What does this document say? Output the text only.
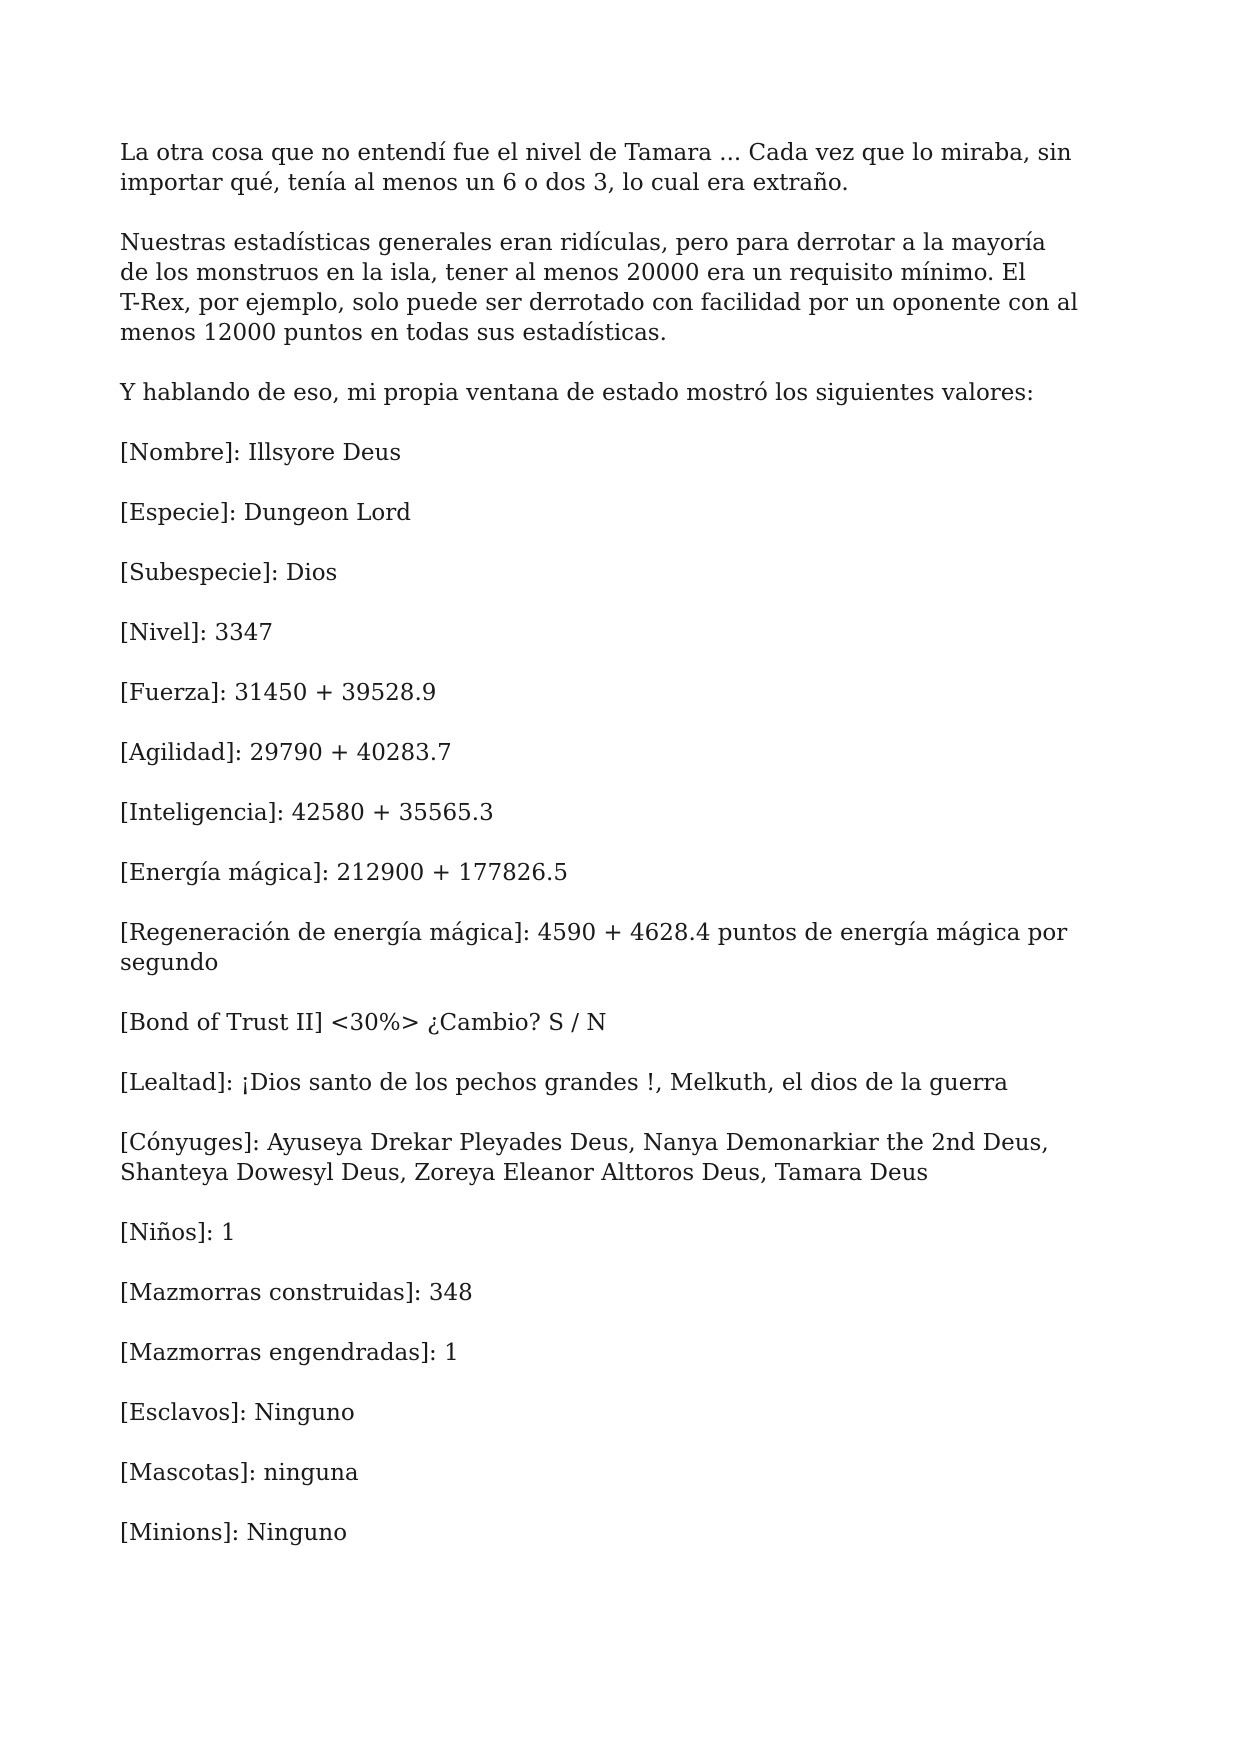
La otra cosa que no entendí fue el nivel de Tamara ... Cada vez que lo miraba, sin
importar qué, tenía al menos un 6 o dos 3, lo cual era extraño.

Nuestras estadísticas generales eran ridículas, pero para derrotar a la mayoría
de los monstruos en la isla, tener al menos 20000 era un requisito mínimo. El
T-Rex, por ejemplo, solo puede ser derrotado con facilidad por un oponente con al
menos 12000 puntos en todas sus estadísticas.

Y hablando de eso, mi propia ventana de estado mostró los siguientes valores:

[Nombre]: Illsyore Deus

[Especie]: Dungeon Lord

[Subespecie]: Dios

[Nivel]: 3347

[Fuerza]: 31450 + 39528.9

[Agilidad]: 29790 + 40283.7

[Inteligencia]: 42580 + 35565.3

[Energía mágica]: 212900 + 177826.5

[Regeneración de energía mágica]: 4590 + 4628.4 puntos de energía mágica por
segundo

[Bond of Trust II] <30%> ¿Cambio? S / N

[Lealtad]: ¡Dios santo de los pechos grandes !, Melkuth, el dios de la guerra

[Cónyuges]: Ayuseya Drekar Pleyades Deus, Nanya Demonarkiar the 2nd Deus,
Shanteya Dowesyl Deus, Zoreya Eleanor Alttoros Deus, Tamara Deus

[Niños]: 1

[Mazmorras construidas]: 348

[Mazmorras engendradas]: 1

[Esclavos]: Ninguno

[Mascotas]: ninguna

[Minions]: Ninguno
